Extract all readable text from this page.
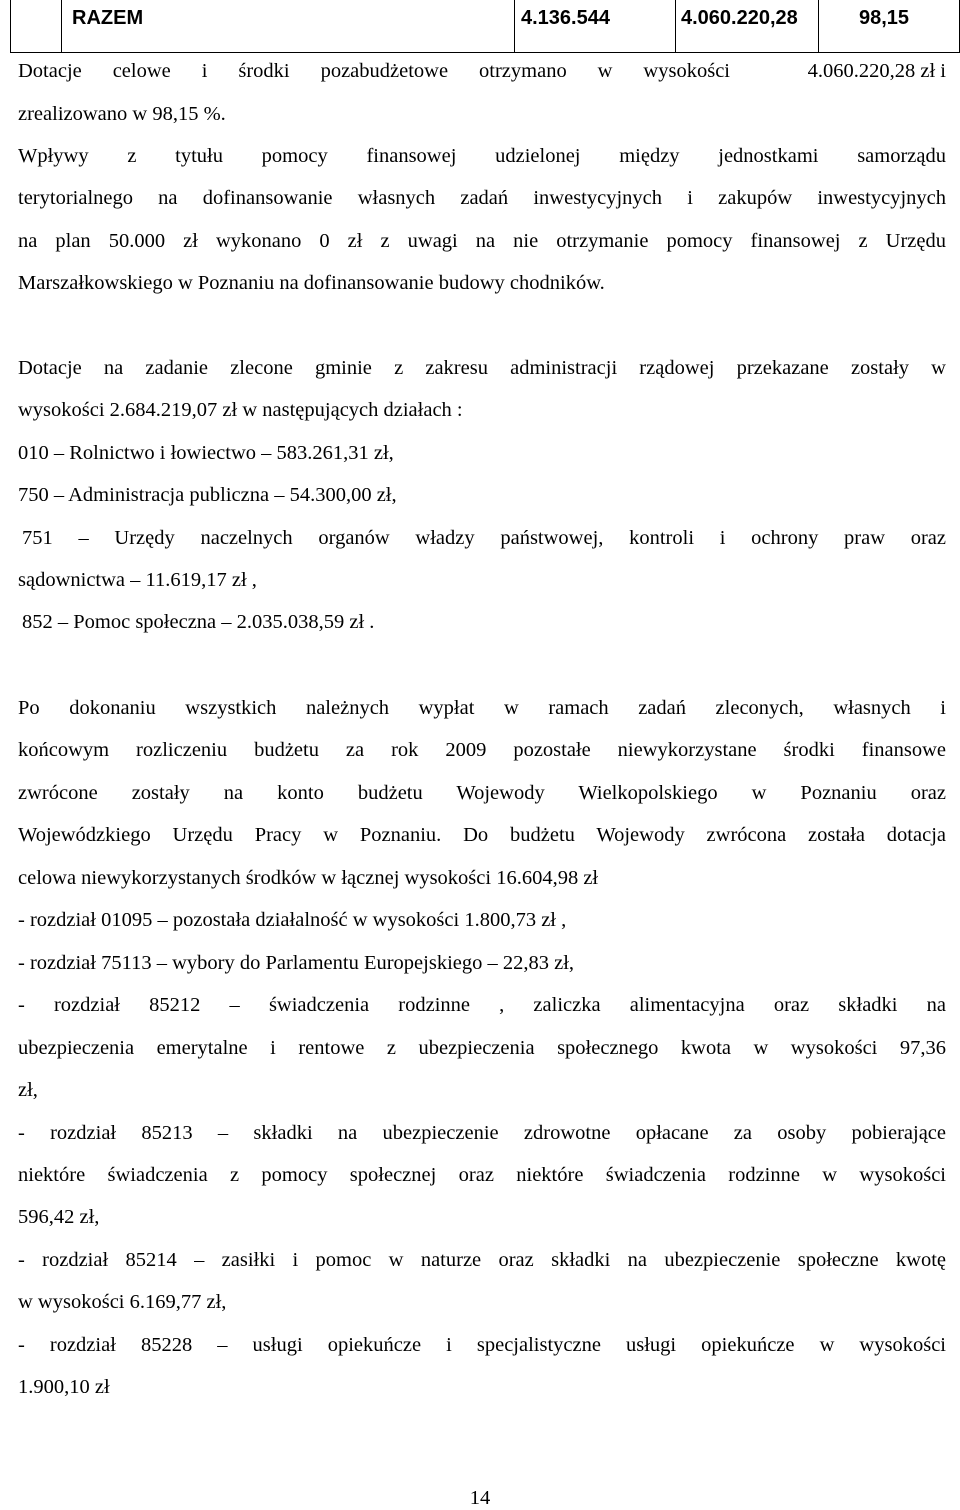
RAZEM	4.136.544	4.060.220,28	98,15
Dotacje celowe i środki pozabudżetowe otrzymano w wysokości	4.060.220,28 zł i
zrealizowano w 98,15 %.
Wpływy z tytułu pomocy finansowej udzielonej między jednostkami samorządu
terytorialnego na dofinansowanie własnych zadań inwestycyjnych i zakupów inwestycyjnych
na plan 50.000 zł wykonano 0 zł z uwagi na nie otrzymanie pomocy finansowej z Urzędu
Marszałkowskiego w Poznaniu na dofinansowanie budowy chodników.
Dotacje na zadanie zlecone gminie z zakresu administracji rządowej przekazane zostały w
wysokości 2.684.219,07 zł w następujących działach :
010 – Rolnictwo i łowiectwo – 583.261,31 zł,
750 – Administracja publiczna – 54.300,00 zł,
751 – Urzędy naczelnych organów władzy państwowej, kontroli i ochrony praw oraz
sądownictwa – 11.619,17 zł ,
852 – Pomoc społeczna – 2.035.038,59 zł .
Po dokonaniu wszystkich należnych wypłat w ramach zadań zleconych, własnych i
końcowym rozliczeniu budżetu za rok 2009 pozostałe niewykorzystane środki finansowe
zwrócone zostały na konto budżetu Wojewody Wielkopolskiego w Poznaniu oraz
Wojewódzkiego Urzędu Pracy w Poznaniu. Do budżetu Wojewody zwrócona została dotacja
celowa niewykorzystanych środków w łącznej wysokości 16.604,98 zł
- rozdział 01095 – pozostała działalność w wysokości 1.800,73 zł ,
- rozdział 75113 – wybory do Parlamentu Europejskiego – 22,83 zł,
- rozdział 85212 – świadczenia rodzinne , zaliczka alimentacyjna oraz składki na
ubezpieczenia emerytalne i rentowe z ubezpieczenia społecznego kwota w wysokości 97,36
zł,
- rozdział 85213 – składki na ubezpieczenie zdrowotne opłacane za osoby pobierające
niektóre świadczenia z pomocy społecznej oraz niektóre świadczenia rodzinne w wysokości
596,42 zł,
- rozdział 85214 – zasiłki i pomoc w naturze oraz składki na ubezpieczenie społeczne kwotę
w wysokości 6.169,77 zł,
- rozdział 85228 – usługi opiekuńcze i specjalistyczne usługi opiekuńcze w wysokości
1.900,10 zł
14
